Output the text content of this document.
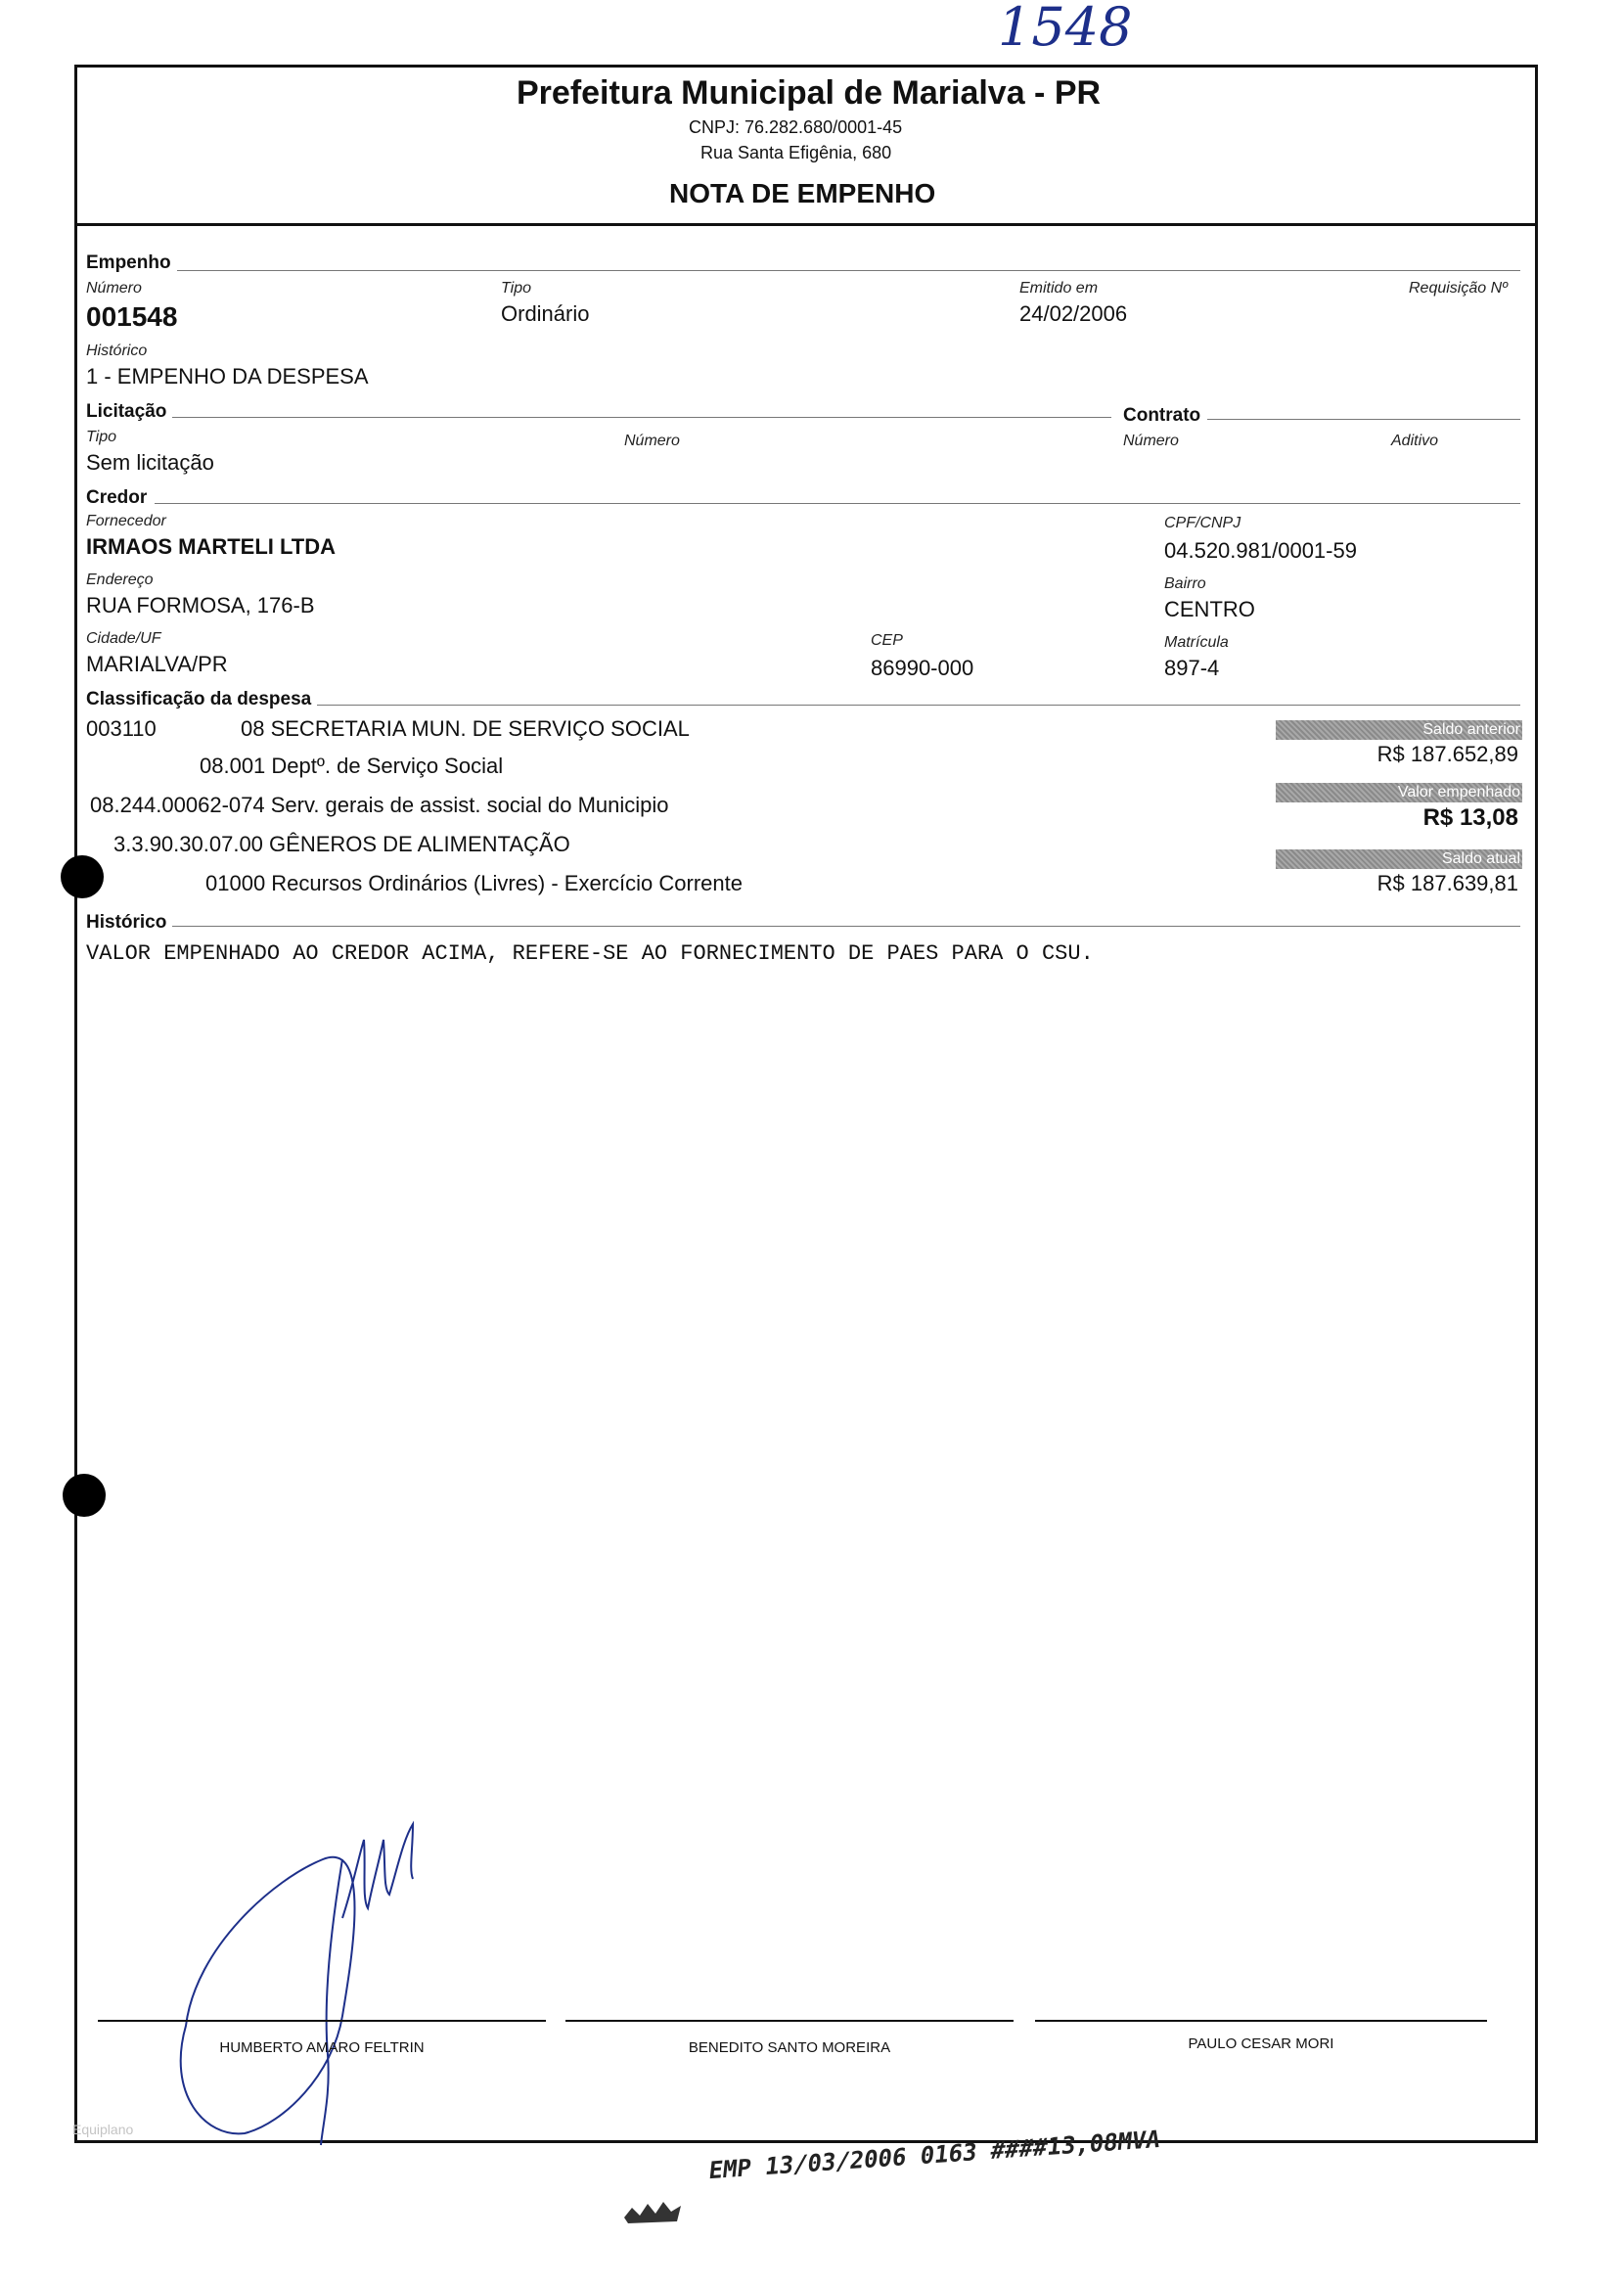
1548
Prefeitura Municipal de Marialva - PR
CNPJ: 76.282.680/0001-45
Rua Santa Efigênia, 680
NOTA DE EMPENHO
Empenho
Número
001548
Tipo
Ordinário
Emitido em
24/02/2006
Requisição Nº
Histórico
1 - EMPENHO DA DESPESA
Licitação
Tipo
Sem licitação
Número
Contrato
Número	Aditivo
Credor
Fornecedor
IRMAOS MARTELI LTDA
CPF/CNPJ
04.520.981/0001-59
Endereço
RUA FORMOSA, 176-B
Bairro
CENTRO
Cidade/UF
MARIALVA/PR
CEP
86990-000
Matrícula
897-4
Classificação da despesa
003110	08 SECRETARIA MUN. DE SERVIÇO SOCIAL
08.001 Deptº. de Serviço Social
08.244.00062-074 Serv. gerais de assist. social do Municipio
3.3.90.30.07.00 GÊNEROS DE ALIMENTAÇÃO
01000 Recursos Ordinários (Livres) - Exercício Corrente
Saldo anterior
R$ 187.652,89
Valor empenhado
R$ 13,08
Saldo atual
R$ 187.639,81
Histórico
VALOR EMPENHADO AO CREDOR ACIMA, REFERE-SE AO FORNECIMENTO DE PAES PARA O CSU.
HUMBERTO AMARO FELTRIN	BENEDITO SANTO MOREIRA	PAULO CESAR MORI
Equiplano	EMP 13/03/2006 0163 ####13,08MVA
